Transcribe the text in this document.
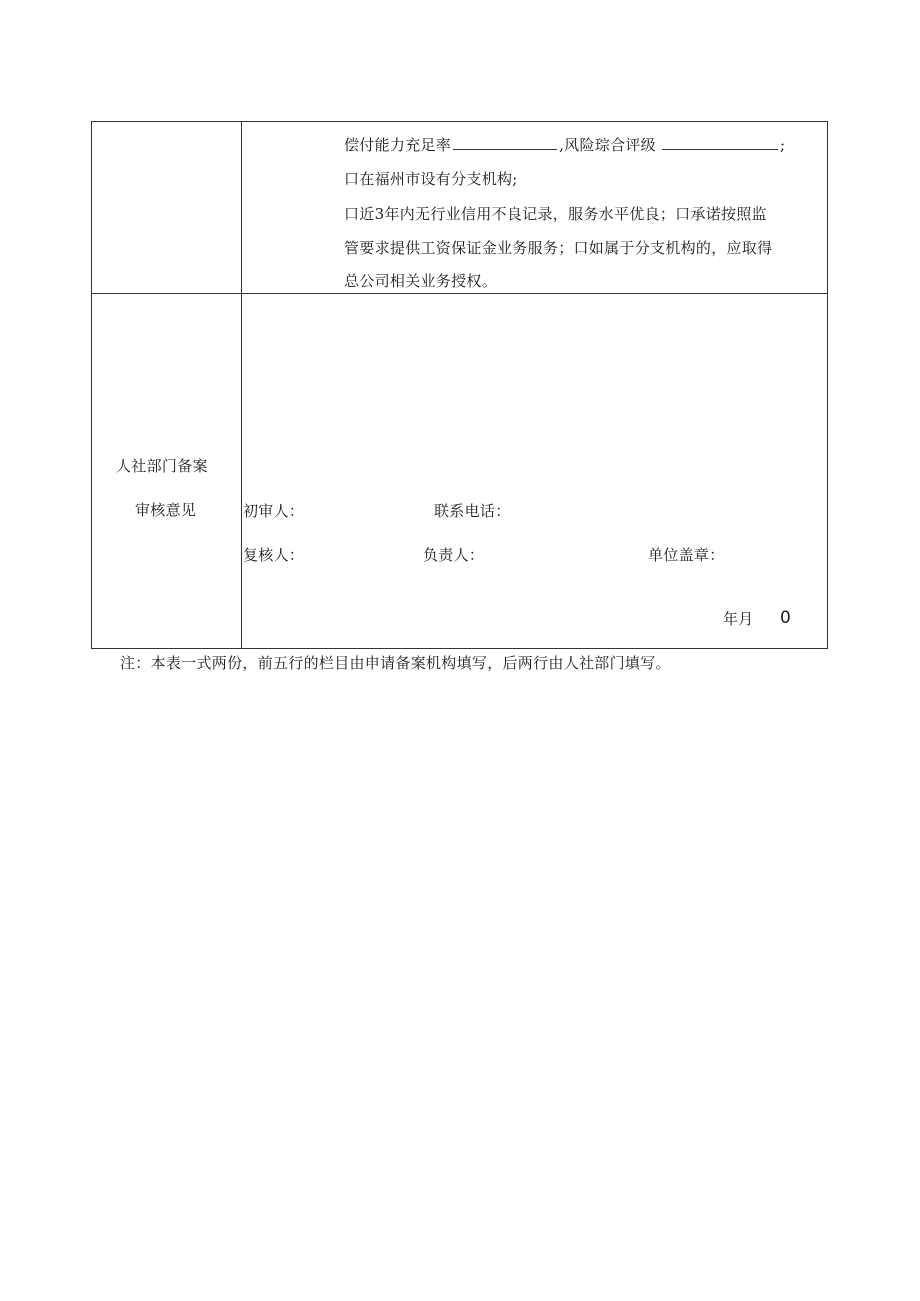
偿付能力充足率	,风险琮合评级	;
口在福州市设有分支机构;
口近3年内无行业信用不良记录，服务水平优良；口承诺按照监
管要求提供工资保证金业务服务；口如属于分支机构的，应取得
总公司相关业务授权。
人社部门备案
审核意见	初审人：	联系电话：
复核人：	负责人：	单位盖章：
年月 0
注：本表一式两份，前五行的栏目由申请备案机构填写，后两行由人社部门填写。
